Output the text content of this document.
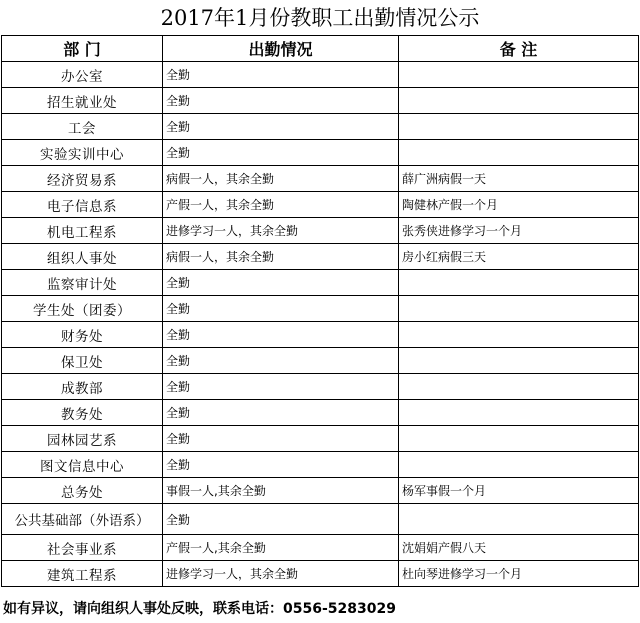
2017年1月份教职工出勤情况公示
部 门	出勤情况	备 注
办公室	全勤	
招生就业处	全勤	
工会	全勤	
实验实训中心	全勤	
经济贸易系	病假一人，其余全勤	薛广洲病假一天
电子信息系	产假一人，其余全勤	陶健林产假一个月
机电工程系	进修学习一人，其余全勤	张秀侠进修学习一个月
组织人事处	病假一人，其余全勤	房小红病假三天
监察审计处	全勤	
学生处（团委）	全勤	
财务处	全勤	
保卫处	全勤	
成教部	全勤	
教务处	全勤	
园林园艺系	全勤	
图文信息中心	全勤	
总务处	事假一人,其余全勤	杨军事假一个月
公共基础部（外语系）	全勤	
社会事业系	产假一人,其余全勤	沈娟娟产假八天
建筑工程系	进修学习一人，其余全勤	杜向琴进修学习一个月
如有异议，请向组织人事处反映，联系电话：0556-5283029
